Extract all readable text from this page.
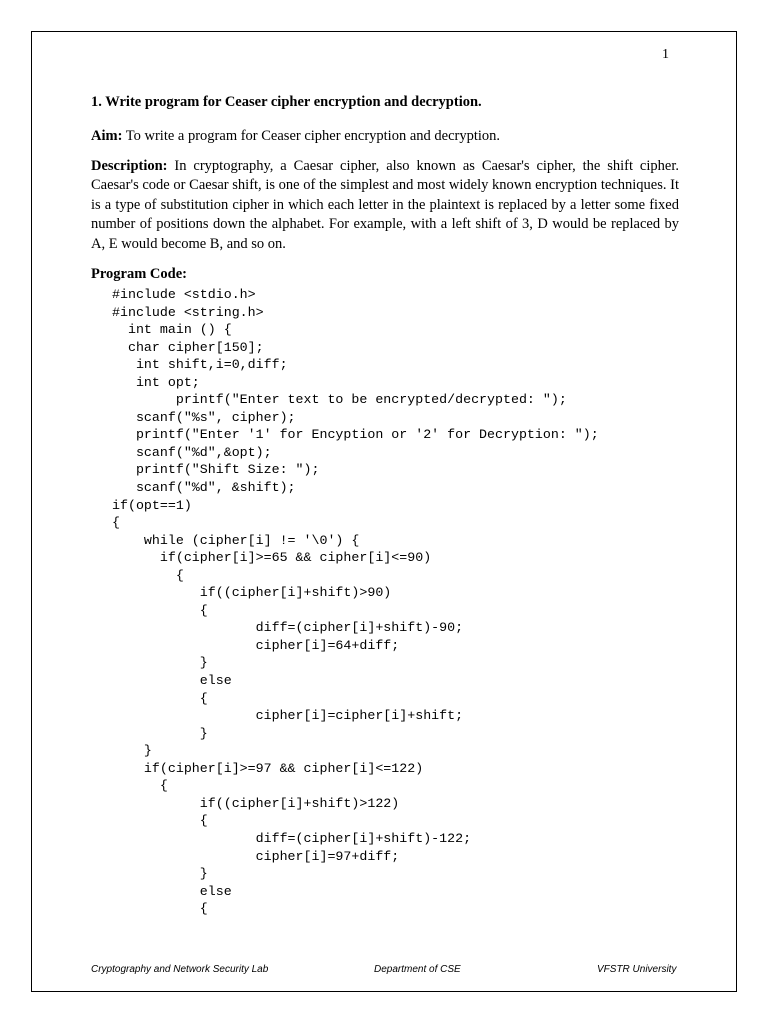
1

1. Write program for Ceaser cipher encryption and decryption.

Aim: To write a program for Ceaser cipher encryption and decryption.

Description: In cryptography, a Caesar cipher, also known as Caesar's cipher, the shift cipher. Caesar's code or Caesar shift, is one of the simplest and most widely known encryption techniques. It is a type of substitution cipher in which each letter in the plaintext is replaced by a letter some fixed number of positions down the alphabet. For example, with a left shift of 3, D would be replaced by A, E would become B, and so on.

Program Code:

#include <stdio.h>
#include <string.h>
int main () {
char cipher[150];
int shift,i=0,diff;
int opt;
printf("Enter text to be encrypted/decrypted: ");
scanf("%s", cipher);
printf("Enter '1' for Encyption or '2' for Decryption: ");
scanf("%d",&opt);
printf("Shift Size: ");
scanf("%d", &shift);
if(opt==1)
{
while (cipher[i] != '\0') {
if(cipher[i]>=65 && cipher[i]<=90)
{
if((cipher[i]+shift)>90)
{
diff=(cipher[i]+shift)-90;
cipher[i]=64+diff;
}
else
{
cipher[i]=cipher[i]+shift;
}
}
if(cipher[i]>=97 && cipher[i]<=122)
{
if((cipher[i]+shift)>122)
{
diff=(cipher[i]+shift)-122;
cipher[i]=97+diff;
}
else
{
Cryptography and Network Security Lab	Department of CSE	VFSTR University
